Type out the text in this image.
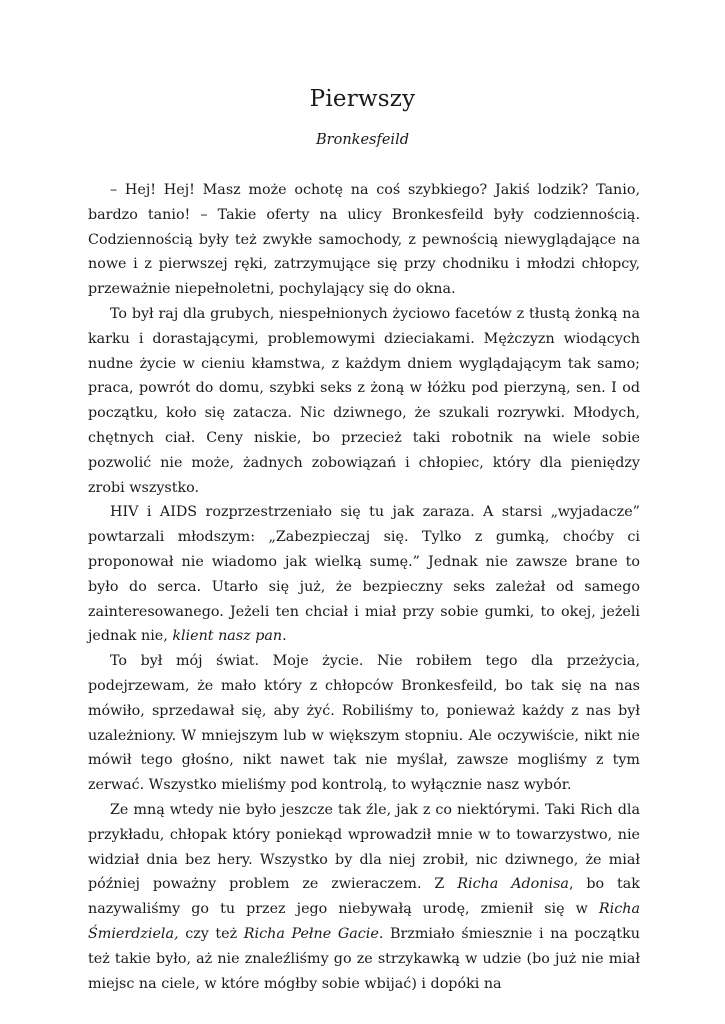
Pierwszy
Bronkesfeild

– Hej! Hej! Masz może ochotę na coś szybkiego? Jakiś lodzik? Tanio, bardzo tanio! – Takie oferty na ulicy Bronkesfeild były codziennością. Codziennością były też zwykłe samochody, z pewnością niewyglądające na nowe i z pierwszej ręki, zatrzymujące się przy chodniku i młodzi chłopcy, przeważnie niepełnoletni, pochylający się do okna.

To był raj dla grubych, niespełnionych życiowo facetów z tłustą żonką na karku i dorastającymi, problemowymi dzieciakami. Mężczyzn wiodących nudne życie w cieniu kłamstwa, z każdym dniem wyglądającym tak samo; praca, powrót do domu, szybki seks z żoną w łóżku pod pierzyną, sen. I od początku, koło się zatacza. Nic dziwnego, że szukali rozrywki. Młodych, chętnych ciał. Ceny niskie, bo przecież taki robotnik na wiele sobie pozwolić nie może, żadnych zobowiązań i chłopiec, który dla pieniędzy zrobi wszystko.

HIV i AIDS rozprzestrzeniało się tu jak zaraza. A starsi „wyjadacze” powtarzali młodszym: „Zabezpieczaj się. Tylko z gumką, choćby ci proponował nie wiadomo jak wielką sumę.” Jednak nie zawsze brane to było do serca. Utarło się już, że bezpieczny seks zależał od samego zainteresowanego. Jeżeli ten chciał i miał przy sobie gumki, to okej, jeżeli jednak nie, klient nasz pan.

To był mój świat. Moje życie. Nie robiłem tego dla przeżycia, podejrzewam, że mało który z chłopców Bronkesfeild, bo tak się na nas mówiło, sprzedawał się, aby żyć. Robiliśmy to, ponieważ każdy z nas był uzależniony. W mniejszym lub w większym stopniu. Ale oczywiście, nikt nie mówił tego głośno, nikt nawet tak nie myślał, zawsze mogliśmy z tym zerwać. Wszystko mieliśmy pod kontrolą, to wyłącznie nasz wybór.

Ze mną wtedy nie było jeszcze tak źle, jak z co niektórymi. Taki Rich dla przykładu, chłopak który poniekąd wprowadził mnie w to towarzystwo, nie widział dnia bez hery. Wszystko by dla niej zrobił, nic dziwnego, że miał później poważny problem ze zwieraczem. Z Richa Adonisa, bo tak nazywaliśmy go tu przez jego niebywałą urodę, zmienił się w Richa Śmierdziela, czy też Richa Pełne Gacie. Brzmiało śmiesznie i na początku też takie było, aż nie znaleźliśmy go ze strzykawką w udzie (bo już nie miał miejsc na ciele, w które mógłby sobie wbijać) i dopóki na
